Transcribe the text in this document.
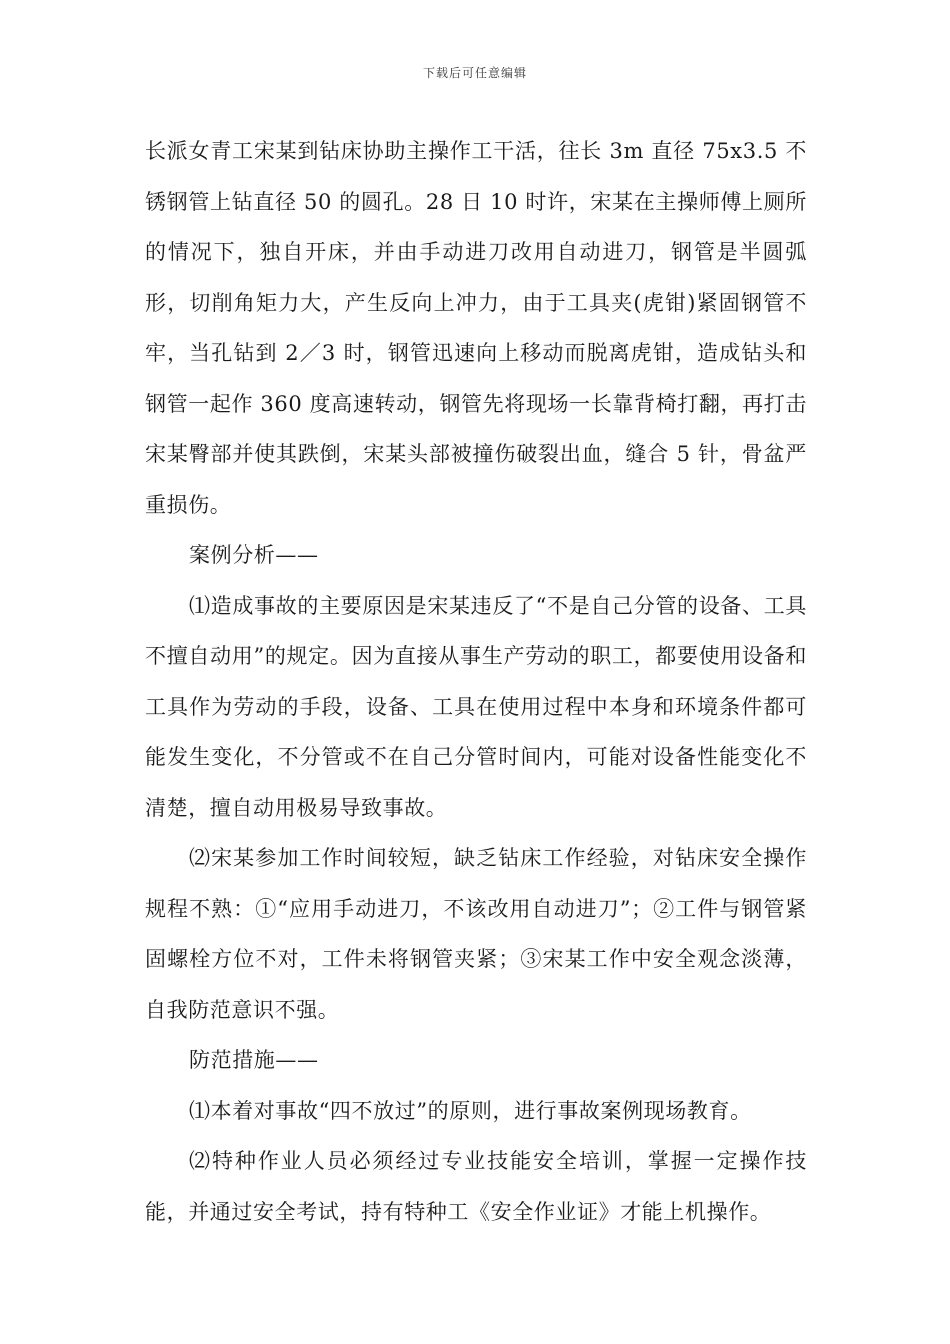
下载后可任意编辑

长派女青工宋某到钻床协助主操作工干活，往长 3m 直径 75x3.5 不锈钢管上钻直径 50 的圆孔。28 日 10 时许，宋某在主操师傅上厕所的情况下，独自开床，并由手动进刀改用自动进刀，钢管是半圆弧形，切削角矩力大，产生反向上冲力，由于工具夹(虎钳)紧固钢管不牢，当孔钻到 2／3 时，钢管迅速向上移动而脱离虎钳，造成钻头和钢管一起作 360 度高速转动，钢管先将现场一长靠背椅打翻，再打击宋某臀部并使其跌倒，宋某头部被撞伤破裂出血，缝合 5 针，骨盆严重损伤。

案例分析——

⑴造成事故的主要原因是宋某违反了“不是自己分管的设备、工具不擅自动用”的规定。因为直接从事生产劳动的职工，都要使用设备和工具作为劳动的手段，设备、工具在使用过程中本身和环境条件都可能发生变化，不分管或不在自己分管时间内，可能对设备性能变化不清楚，擅自动用极易导致事故。

⑵宋某参加工作时间较短，缺乏钻床工作经验，对钻床安全操作规程不熟：①“应用手动进刀，不该改用自动进刀”；②工件与钢管紧固螺栓方位不对，工件未将钢管夹紧；③宋某工作中安全观念淡薄，自我防范意识不强。

防范措施——

⑴本着对事故“四不放过”的原则，进行事故案例现场教育。

⑵特种作业人员必须经过专业技能安全培训，掌握一定操作技能，并通过安全考试，持有特种工《安全作业证》才能上机操作。
